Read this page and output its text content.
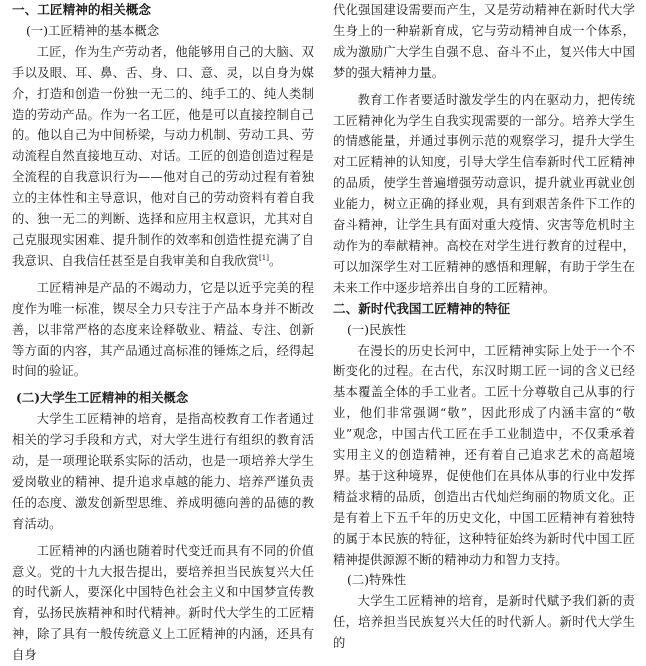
一、工匠精神的相关概念
(一)工匠精神的基本概念

工匠，作为生产劳动者，他能够用自己的大脑、双手以及眼、耳、鼻、舌、身、口、意、灵，以自身为媒介，打造和创造一份独一无二的、纯手工的、纯人类制造的劳动产品。作为一名工匠，他是可以直接控制自己的。他以自己为中间桥梁，与动力机制、劳动工具、劳动流程自然直接地互动、对话。工匠的创造创造过程是全流程的自我意识行为——他对自己的劳动过程有着独立的主体性和主导意识，他对自己的劳动资料有着自我的、独一无二的判断、选择和应用主权意识，尤其对自己克服现实困难、提升制作的效率和创造性提充满了自我意识、自我信任甚至是自我审美和自我欣赏[1]。

工匠精神是产品的不竭动力，它是以近乎完美的程度作为唯一标准，锲尽全力只专注于产品本身并不断改善，以非常严格的态度来诠释敬业、精益、专注、创新等方面的内容，其产品通过高标准的锤炼之后，经得起时间的验证。

(二)大学生工匠精神的相关概念

大学生工匠精神的培育，是指高校教育工作者通过相关的学习手段和方式，对大学生进行有组织的教育活动，是一项理论联系实际的活动，也是一项培养大学生爱岗敬业的精神、提升追求卓越的能力、培养严谨负责任的态度、激发创新型思维、养成明德向善的品德的教育活动。

工匠精神的内涵也随着时代变迁而具有不同的价值意义。党的十九大报告提出，要培养担当民族复兴大任的时代新人，要深化中国特色社会主义和中国梦宣传教育，弘扬民族精神和时代精神。新时代大学生的工匠精神，除了具有一般传统意义上工匠精神的内涵，还具有自身

代化强国建设需要而产生，又是劳动精神在新时代大学生身上的一种崭新育成，它与劳动精神自成一个体系，成为激励广大学生自强不息、奋斗不止，复兴伟大中国梦的强大精神力量。

教育工作者要适时激发学生的内在驱动力，把传统工匠精神化为学生自我实现需要的一部分。培养大学生的情感能量，并通过事例示范的观察学习，提升大学生对工匠精神的认知度，引导大学生信奉新时代工匠精神的品质，使学生普遍增强劳动意识，提升就业再就业创业能力，树立正确的择业观，具有到艰苦条件下工作的奋斗精神，让学生具有面对重大疫情、灾害等危机时主动作为的奉献精神。高校在对学生进行教育的过程中，可以加深学生对工匠精神的感悟和理解，有助于学生在未来工作中逐步培养出自身的工匠精神。

二、新时代我国工匠精神的特征
(一)民族性

在漫长的历史长河中，工匠精神实际上处于一个不断变化的过程。在古代，东汉时期工匠一词的含义已经基本覆盖全体的手工业者。工匠十分尊敬自己从事的行业，他们非常强调“敬”，因此形成了内涵丰富的“敬业”观念，中国古代工匠在手工业制造中，不仅秉承着实用主义的创造精神，还有着自己追求艺术的高超境界。基于这种境界，促使他们在具体从事的行业中发挥精益求精的品质，创造出古代灿烂绚丽的物质文化。正是有着上下五千年的历史文化，中国工匠精神有着独特的属于本民族的特征，这种特征始终为新时代中国工匠精神提供源源不断的精神动力和智力支持。

(二)特殊性

大学生工匠精神的培育，是新时代赋予我们新的责任，培养担当民族复兴大任的时代新人。新时代大学生的
